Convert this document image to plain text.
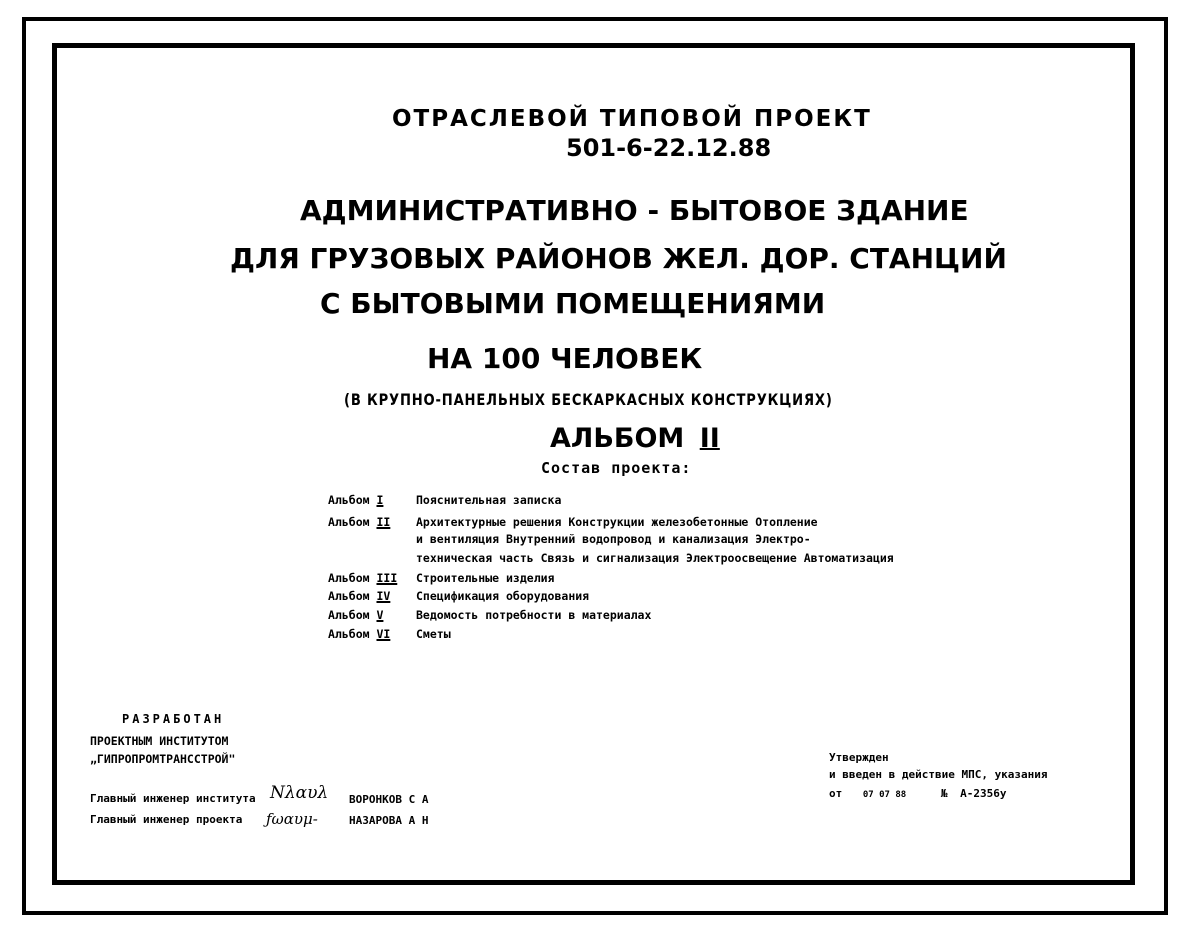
ОТРАСЛЕВОЙ ТИПОВОЙ ПРОЕКТ
501-6-22.12.88
АДМИНИСТРАТИВНО - БЫТОВОЕ ЗДАНИЕ
ДЛЯ ГРУЗОВЫХ РАЙОНОВ ЖЕЛ. ДОР. СТАНЦИЙ
С БЫТОВЫМИ ПОМЕЩЕНИЯМИ
НА 100 ЧЕЛОВЕК
(В КРУПНО-ПАНЕЛЬНЫХ БЕСКАРКАСНЫХ КОНСТРУКЦИЯХ)
АЛЬБОМ II
Состав проекта:
Альбом I	Пояснительная записка
Альбом II Архитектурные решения Конструкции железобетонные Отопление
и вентиляция Внутренний водопровод и канализация Электро-
техническая часть Связь и сигнализация Электроосвещение Автоматизация
Альбом III Строительные изделия
Альбом IV Спецификация оборудования
Альбом V	Ведомость потребности в материалах
Альбом VI Сметы
РАЗРАБОТАН
ПРОЕКТНЫМ ИНСТИТУТОМ
„ГИПРОПРОМТРАНССТРОЙ"
Главный инженер института Νλαυλ ВОРОНКОВ С А
Главный инженер проекта ƒωαυμ-	НАЗАРОВА А Н
Утвержден
и введен в действие МПС, указания
от 07 07 88	№ А-2356у
